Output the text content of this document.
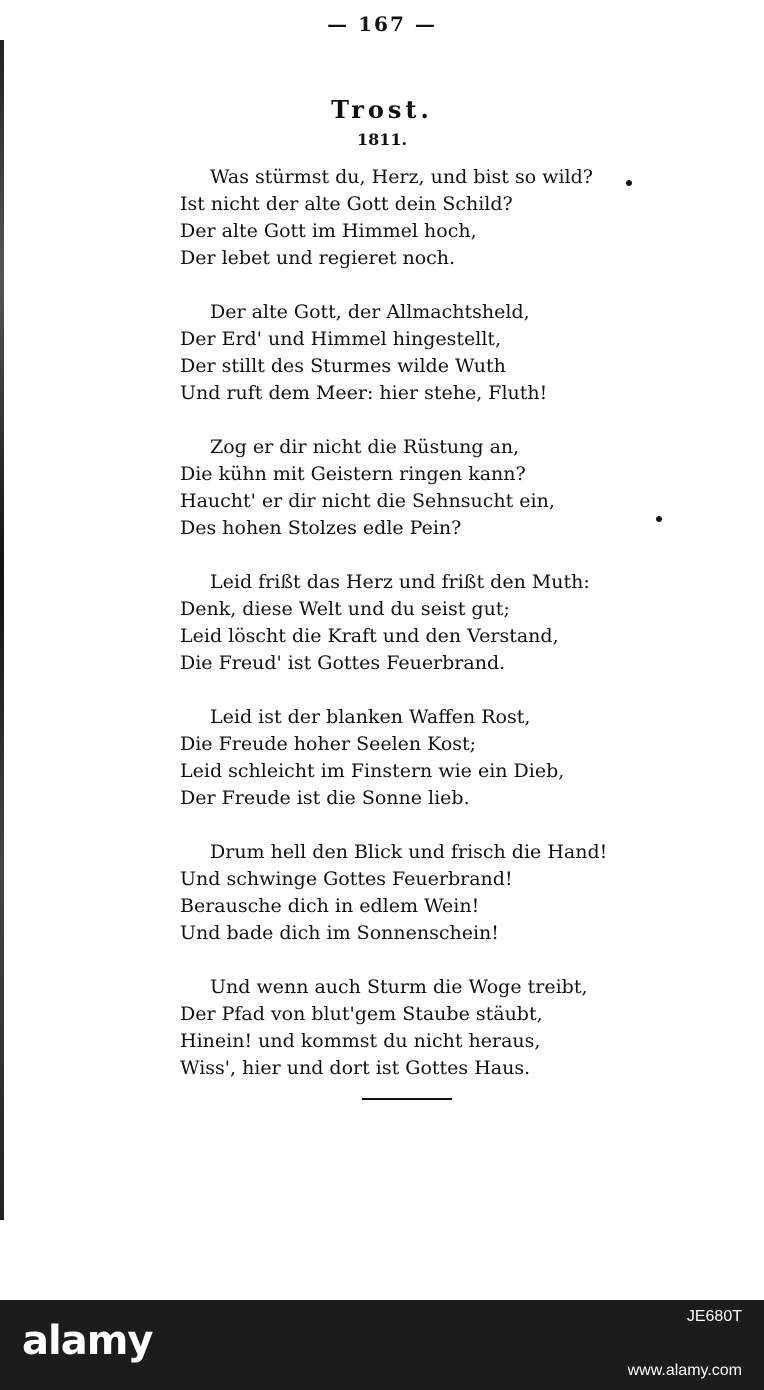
— 167 —
Trost.
1811.
Was stürmst du, Herz, und bist so wild?
Ist nicht der alte Gott dein Schild?
Der alte Gott im Himmel hoch,
Der lebet und regieret noch.
Der alte Gott, der Allmachtsheld,
Der Erd' und Himmel hingestellt,
Der stillt des Sturmes wilde Wuth
Und ruft dem Meer: hier stehe, Fluth!
Zog er dir nicht die Rüstung an,
Die kühn mit Geistern ringen kann?
Haucht' er dir nicht die Sehnsucht ein,
Des hohen Stolzes edle Pein?
Leid frißt das Herz und frißt den Muth:
Denk, diese Welt und du seist gut;
Leid löscht die Kraft und den Verstand,
Die Freud' ist Gottes Feuerbrand.
Leid ist der blanken Waffen Rost,
Die Freude hoher Seelen Kost;
Leid schleicht im Finstern wie ein Dieb,
Der Freude ist die Sonne lieb.
Drum hell den Blick und frisch die Hand!
Und schwinge Gottes Feuerbrand!
Berausche dich in edlem Wein!
Und bade dich im Sonnenschein!
Und wenn auch Sturm die Woge treibt,
Der Pfad von blut'gem Staube stäubt,
Hinein! und kommst du nicht heraus,
Wiss', hier und dort ist Gottes Haus.
alamy
JE680T
www.alamy.com
